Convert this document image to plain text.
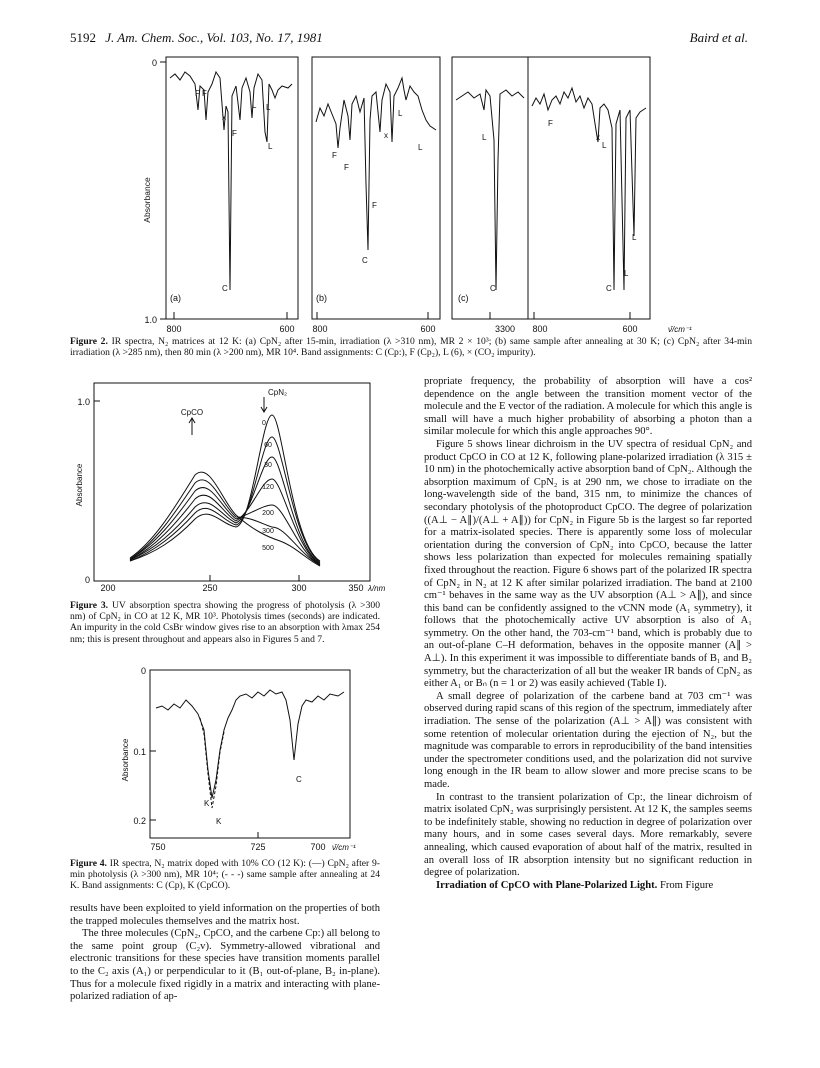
5192 J. Am. Chem. Soc., Vol. 103, No. 17, 1981	Baird et al.
0
1.0
Absorbance
(a)	(b)	(c)
800	600 800	600	3300 800	600	ν̄/cm⁻¹
F F
x
L
F
L
L
C
F
F
x
L
L
F
C
L
F
x
L
L
C
L
C
Figure 2. IR spectra, N₂ matrices at 12 K: (a) CpN₂ after 15-min, irradiation (λ >310 nm), MR 2 × 10³; (b) same sample after annealing at 30 K; (c) CpN₂ after 34-min irradiation (λ >285 nm), then 80 min (λ >200 nm), MR 10⁴. Band assignments: C (Cp:), F (Cp₂), L (6), × (CO₂ impurity).
1.0
0
Absorbance
200	250	300	350 λ/nm
CpN₂
CpCO
0
60
30
120
200
300
500
Figure 3. UV absorption spectra showing the progress of photolysis (λ >300 nm) of CpN₂ in CO at 12 K, MR 10³. Photolysis times (seconds) are indicated. An impurity in the cold CsBr window gives rise to an absorption with λmax 254 nm; this is present throughout and appears also in Figures 5 and 7.
0
0.1
0.2
Absorbance
750	725	700 ν̄/cm⁻¹
C
K
K
Figure 4. IR spectra, N₂ matrix doped with 10% CO (12 K): (—) CpN₂ after 9-min photolysis (λ >300 nm), MR 10⁴; (- - -) same sample after annealing at 24 K. Band assignments: C (Cp), K (CpCO).

results have been exploited to yield information on the properties of both the trapped molecules themselves and the matrix host.

The three molecules (CpN₂, CpCO, and the carbene Cp:) all belong to the same point group (C₂v). Symmetry-allowed vibrational and electronic transitions for these species have transition moments parallel to the C₂ axis (A₁) or perpendicular to it (B₁ out-of-plane, B₂ in-plane). Thus for a molecule fixed rigidly in a matrix and interacting with plane-polarized radiation of ap-

propriate frequency, the probability of absorption will have a cos² dependence on the angle between the transition moment vector of the molecule and the E vector of the radiation. A molecule for which this angle is small will have a much higher probability of absorbing a photon than a similar molecule for which this angle approaches 90°.

Figure 5 shows linear dichroism in the UV spectra of residual CpN₂ and product CpCO in CO at 12 K, following plane-polarized irradiation (λ 315 ± 10 nm) in the photochemically active absorption band of CpN₂. Although the absorption maximum of CpN₂ is at 290 nm, we chose to irradiate on the long-wavelength side of the band, 315 nm, to minimize the chances of secondary photolysis of the photoproduct CpCO. The degree of polarization ((A⊥ − A∥)/(A⊥ + A∥)) for CpN₂ in Figure 5b is the largest so far reported for a matrix-isolated species. There is apparently some loss of molecular orientation during the conversion of CpN₂ into CpCO, because the latter shows less polarization than expected for molecules remaining spatially fixed throughout the reaction. Figure 6 shows part of the polarized IR spectra of CpN₂ in N₂ at 12 K after similar polarized irradiation. The band at 2100 cm⁻¹ behaves in the same way as the UV absorption (A⊥ > A∥), and since this band can be confidently assigned to the νCNN mode (A₁ symmetry), it follows that the photochemically active UV absorption is also of A₁ symmetry. On the other hand, the 703-cm⁻¹ band, which is probably due to an out-of-plane C–H deformation, behaves in the opposite manner (A∥ > A⊥). In this experiment it was impossible to differentiate bands of B₁ and B₂ symmetry, but the characterization of all but the weaker IR bands of CpN₂ as either A₁ or Bₙ (n = 1 or 2) was easily achieved (Table I).

A small degree of polarization of the carbene band at 703 cm⁻¹ was observed during rapid scans of this region of the spectrum, immediately after irradiation. The sense of the polarization (A⊥ > A∥) was consistent with some retention of molecular orientation during the ejection of N₂, but the magnitude was comparable to errors in reproducibility of the band intensities under the spectrometer conditions used, and the polarization did not survive long enough in the IR beam to allow slower and more precise scans to be made.

In contrast to the transient polarization of Cp:, the linear dichroism of matrix isolated CpN₂ was surprisingly persistent. At 12 K, the samples seems to be indefinitely stable, showing no reduction in degree of polarization over many hours, and in some cases several days. More remarkably, severe annealing, which caused evaporation of about half of the matrix, resulted in an overall loss of IR absorption intensity but no significant reduction in degree of polarization.

Irradiation of CpCO with Plane-Polarized Light. From Figure
